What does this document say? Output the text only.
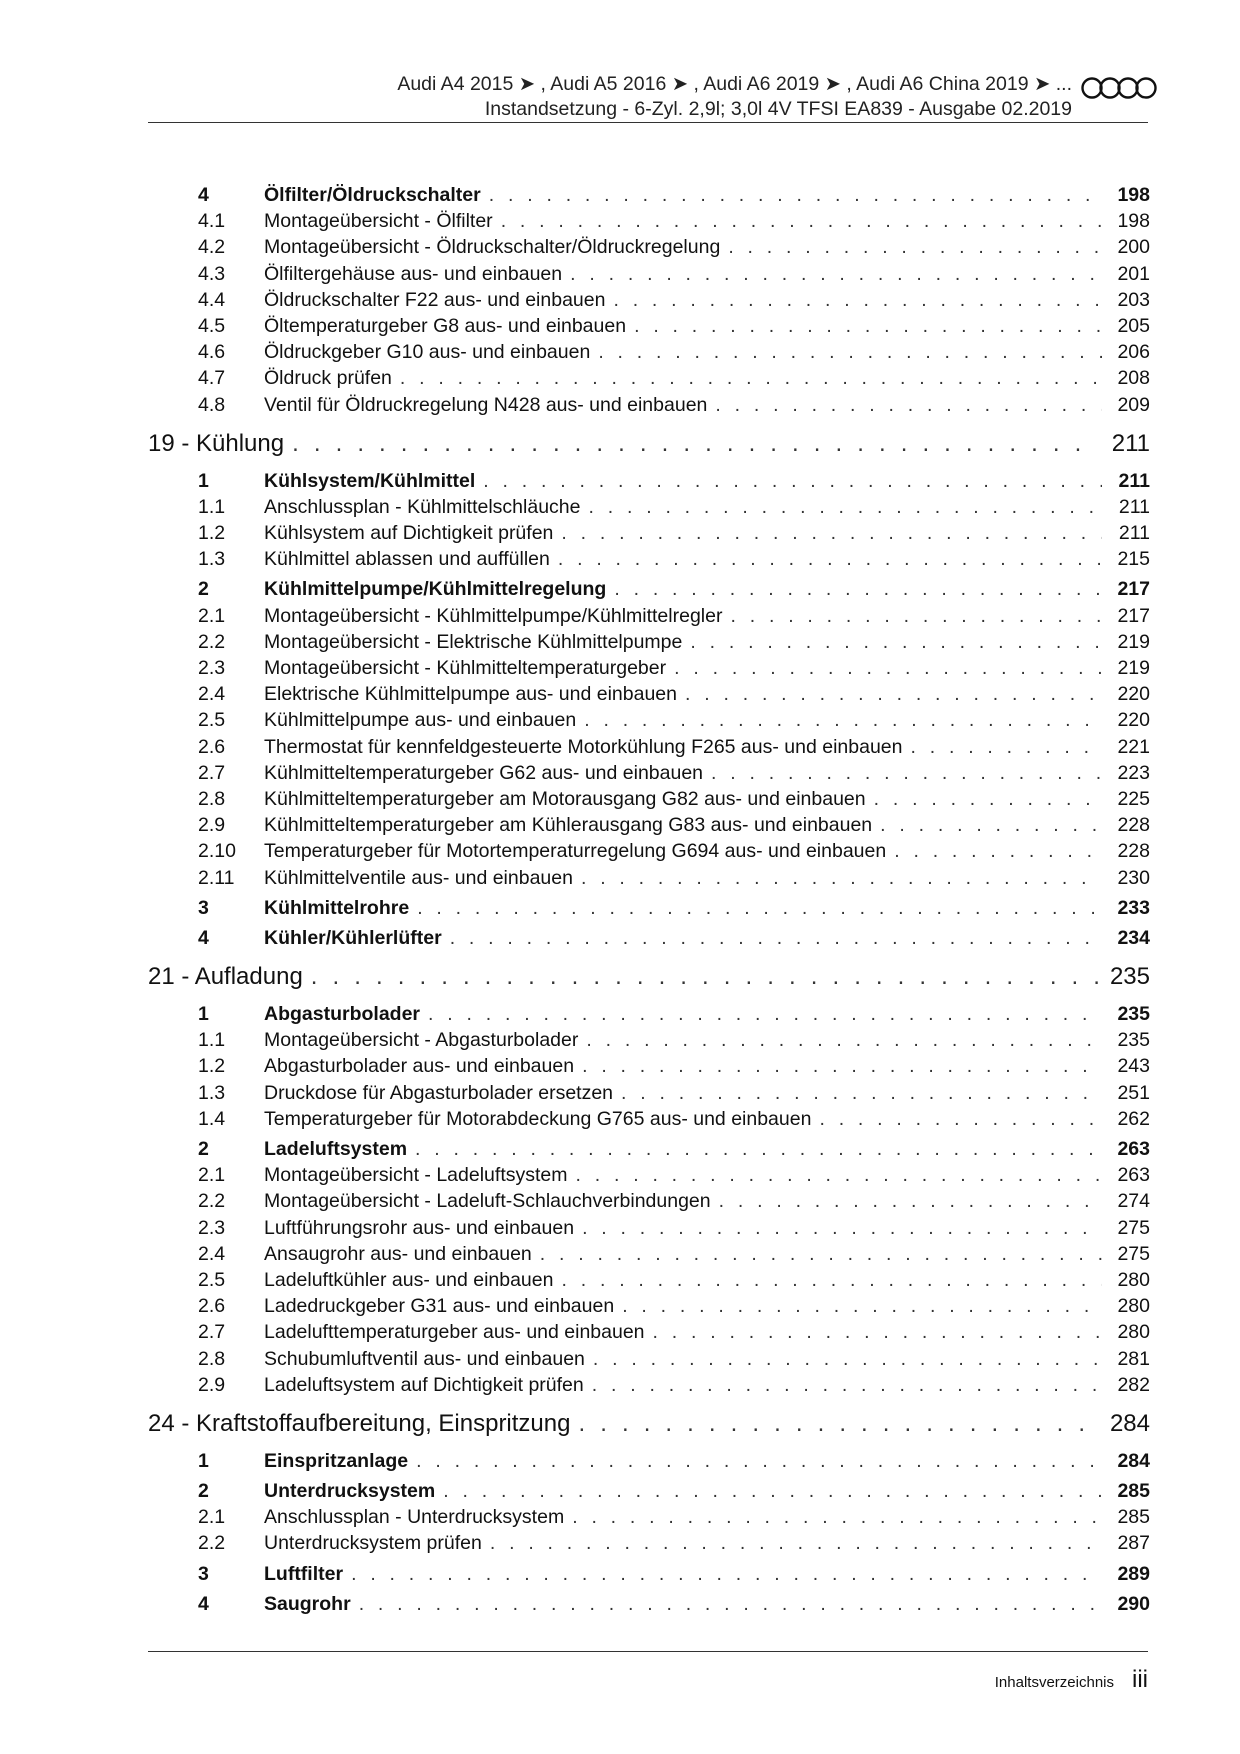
Audi A4 2015 ➤ , Audi A5 2016 ➤ , Audi A6 2019 ➤ , Audi A6 China 2019 ➤ ...
Instandsetzung - 6-Zyl. 2,9l; 3,0l 4V TFSI EA839 - Ausgabe 02.2019
4	Ölfilter/Öldruckschalter . . .	198
4.1	Montageübersicht - Ölfilter . . .	198
4.2	Montageübersicht - Öldruckschalter/Öldruckregelung . . .	200
4.3	Ölfiltergehäuse aus- und einbauen . . .	201
4.4	Öldruckschalter F22 aus- und einbauen . . .	203
4.5	Öltemperaturgeber G8 aus- und einbauen . . .	205
4.6	Öldruckgeber G10 aus- und einbauen . . .	206
4.7	Öldruck prüfen . . .	208
4.8	Ventil für Öldruckregelung N428 aus- und einbauen . . .	209
19 - Kühlung . . .	211
1	Kühlsystem/Kühlmittel . . .	211
1.1	Anschlussplan - Kühlmittelschläuche . . .	211
1.2	Kühlsystem auf Dichtigkeit prüfen . . .	211
1.3	Kühlmittel ablassen und auffüllen . . .	215
2	Kühlmittelpumpe/Kühlmittelregelung . . .	217
2.1	Montageübersicht - Kühlmittelpumpe/Kühlmittelregler . . .	217
2.2	Montageübersicht - Elektrische Kühlmittelpumpe . . .	219
2.3	Montageübersicht - Kühlmitteltemperaturgeber . . .	219
2.4	Elektrische Kühlmittelpumpe aus- und einbauen . . .	220
2.5	Kühlmittelpumpe aus- und einbauen . . .	220
2.6	Thermostat für kennfeldgesteuerte Motorkühlung F265 aus- und einbauen . . .	221
2.7	Kühlmitteltemperaturgeber G62 aus- und einbauen . . .	223
2.8	Kühlmitteltemperaturgeber am Motorausgang G82 aus- und einbauen . . .	225
2.9	Kühlmitteltemperaturgeber am Kühlerausgang G83 aus- und einbauen . . .	228
2.10	Temperaturgeber für Motortemperaturregelung G694 aus- und einbauen . . .	228
2.11	Kühlmittelventile aus- und einbauen . . .	230
3	Kühlmittelrohre . . .	233
4	Kühler/Kühlerlüfter . . .	234
21 - Aufladung . . .	235
1	Abgasturbolader . . .	235
1.1	Montageübersicht - Abgasturbolader . . .	235
1.2	Abgasturbolader aus- und einbauen . . .	243
1.3	Druckdose für Abgasturbolader ersetzen . . .	251
1.4	Temperaturgeber für Motorabdeckung G765 aus- und einbauen . . .	262
2	Ladeluftsystem . . .	263
2.1	Montageübersicht - Ladeluftsystem . . .	263
2.2	Montageübersicht - Ladeluft-Schlauchverbindungen . . .	274
2.3	Luftführungsrohr aus- und einbauen . . .	275
2.4	Ansaugrohr aus- und einbauen . . .	275
2.5	Ladeluftkühler aus- und einbauen . . .	280
2.6	Ladedruckgeber G31 aus- und einbauen . . .	280
2.7	Ladelufttemperaturgeber aus- und einbauen . . .	280
2.8	Schubumluftventil aus- und einbauen . . .	281
2.9	Ladeluftsystem auf Dichtigkeit prüfen . . .	282
24 - Kraftstoffaufbereitung, Einspritzung . . .	284
1	Einspritzanlage . . .	284
2	Unterdrucksystem . . .	285
2.1	Anschlussplan - Unterdrucksystem . . .	285
2.2	Unterdrucksystem prüfen . . .	287
3	Luftfilter . . .	289
4	Saugrohr . . .	290
Inhaltsverzeichnis iii
